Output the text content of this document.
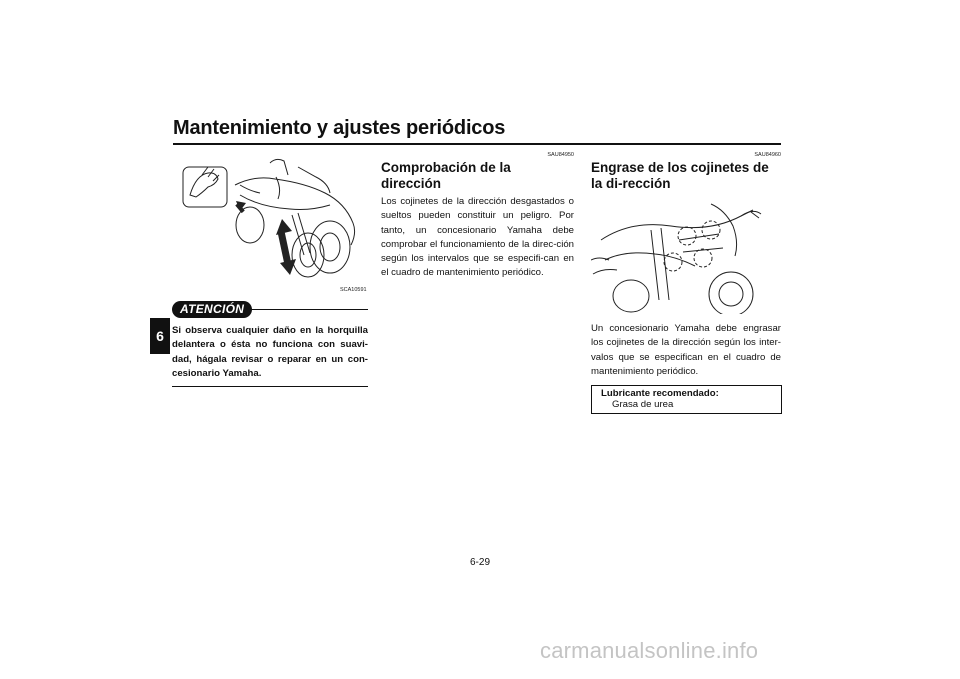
Mantenimiento y ajustes periódicos
6
SCA10591
ATENCIÓN
Si observa cualquier daño en la horquilla delantera o ésta no funciona con suavi-dad, hágala revisar o reparar en un con-cesionario Yamaha.
SAU84950
Comprobación de la dirección
Los cojinetes de la dirección desgastados o sueltos pueden constituir un peligro. Por tanto, un concesionario Yamaha debe comprobar el funcionamiento de la direc-ción según los intervalos que se especifi-can en el cuadro de mantenimiento periódico.
SAU84960
Engrase de los cojinetes de la di-rección
Un concesionario Yamaha debe engrasar los cojinetes de la dirección según los inter-valos que se especifican en el cuadro de mantenimiento periódico.
Lubricante recomendado:
Grasa de urea
6-29
carmanualsonline.info
